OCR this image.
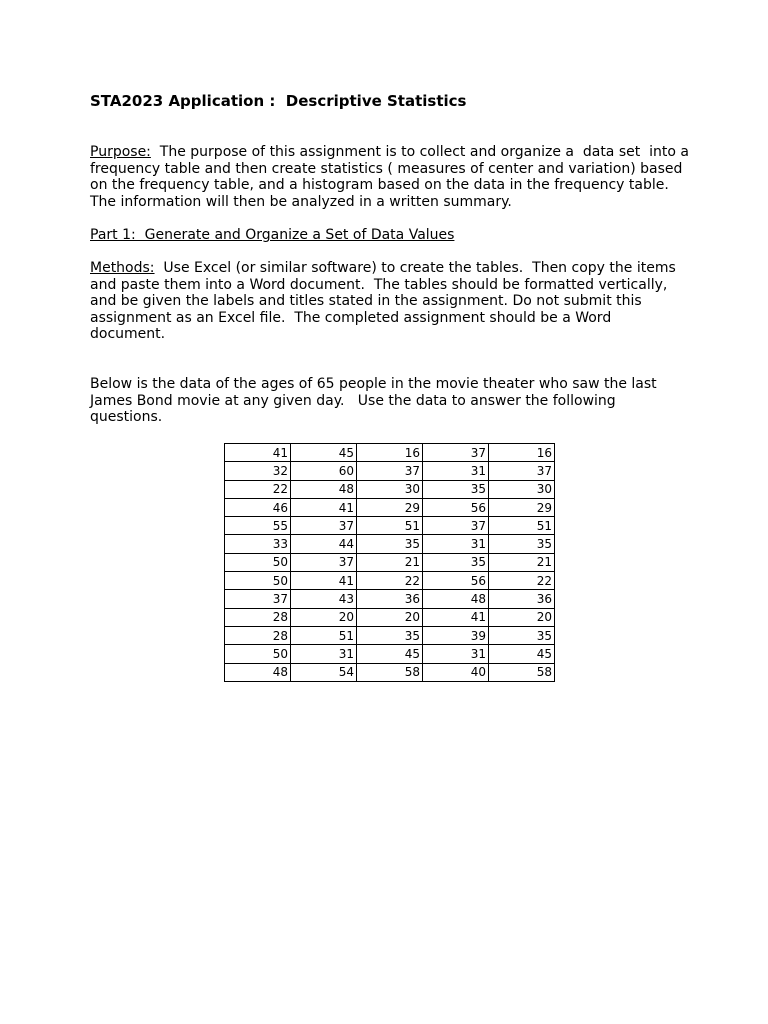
STA2023 Application :  Descriptive Statistics
Purpose:  The purpose of this assignment is to collect and organize a  data set  into a frequency table and then create statistics ( measures of center and variation) based on the frequency table, and a histogram based on the data in the frequency table.  The information will then be analyzed in a written summary.
Part 1:  Generate and Organize a Set of Data Values
Methods:  Use Excel (or similar software) to create the tables.  Then copy the items and paste them into a Word document.  The tables should be formatted vertically, and be given the labels and titles stated in the assignment. Do not submit this assignment as an Excel file.  The completed assignment should be a Word document.
Below is the data of the ages of 65 people in the movie theater who saw the last James Bond movie at any given day.   Use the data to answer the following questions.
41	45	16	37	16
32	60	37	31	37
22	48	30	35	30
46	41	29	56	29
55	37	51	37	51
33	44	35	31	35
50	37	21	35	21
50	41	22	56	22
37	43	36	48	36
28	20	20	41	20
28	51	35	39	35
50	31	45	31	45
48	54	58	40	58
